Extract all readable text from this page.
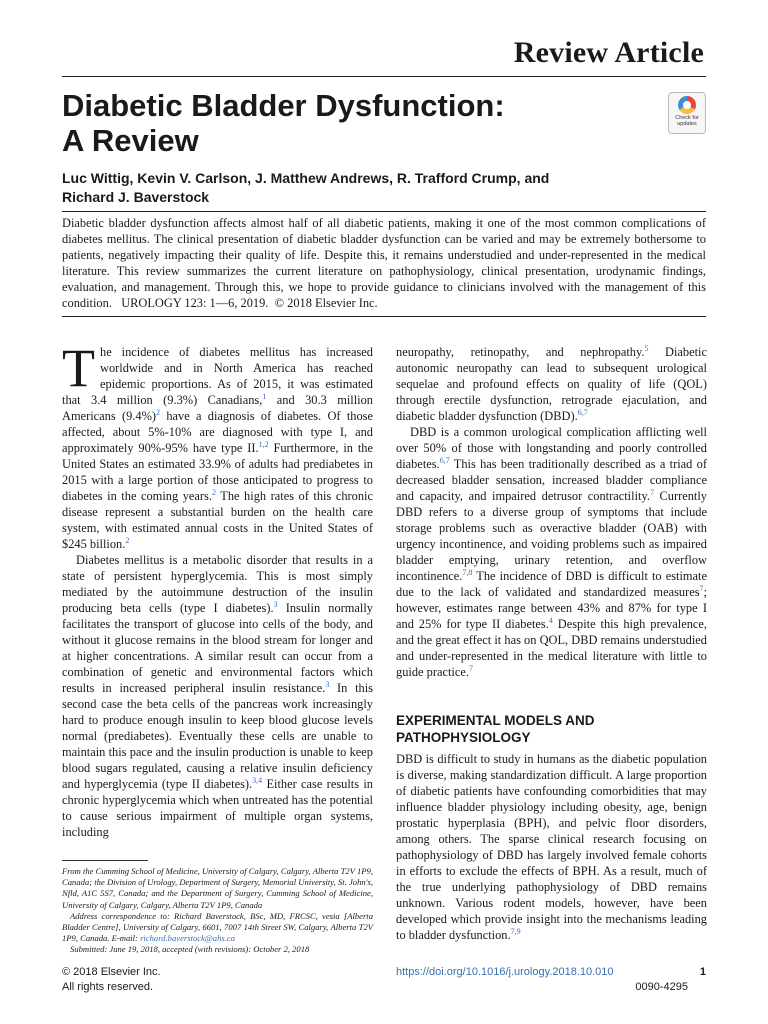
Review Article
Diabetic Bladder Dysfunction:
A Review
Check for
updates

Luc Wittig, Kevin V. Carlson, J. Matthew Andrews, R. Trafford Crump, and
Richard J. Baverstock

Diabetic bladder dysfunction affects almost half of all diabetic patients, making it one of the most common complications of diabetes mellitus. The clinical presentation of diabetic bladder dysfunction can be varied and may be extremely bothersome to patients, negatively impacting their quality of life. Despite this, it remains understudied and under-represented in the medical literature. This review summarizes the current literature on pathophysiology, clinical presentation, urodynamic findings, evaluation, and management. Through this, we hope to provide guidance to clinicians involved with the management of this condition. UROLOGY 123: 1—6, 2019. © 2018 Elsevier Inc.

The incidence of diabetes mellitus has increased worldwide and in North America has reached epidemic proportions. As of 2015, it was estimated that 3.4 million (9.3%) Canadians,$^1$ and 30.3 million Americans $(9.4\%)^2$ have a diagnosis of diabetes. Of those affected, about 5%-10% are diagnosed with type I, and approximately 90%-95% have type II.$^{1,2}$ Furthermore, in the United States an estimated 33.9% of adults had prediabetes in 2015 with a large portion of those anticipated to progress to diabetes in the coming years.$^2$ The high rates of this chronic disease represent a substantial burden on the health care system, with estimated annual costs in the United States of $245 billion.$^2$

Diabetes mellitus is a metabolic disorder that results in a state of persistent hyperglycemia. This is most simply mediated by the autoimmune destruction of the insulin producing beta cells (type I diabetes).$^3$ Insulin normally facilitates the transport of glucose into cells of the body, and without it glucose remains in the blood stream for longer and at higher concentrations. A similar result can occur from a combination of genetic and environmental factors which results in increased peripheral insulin resistance.$^3$ In this second case the beta cells of the pancreas work increasingly hard to produce enough insulin to keep blood glucose levels normal (prediabetes). Eventually these cells are unable to maintain this pace and the insulin production is unable to keep blood sugars regulated, causing a relative insulin deficiency and hyperglycemia (type II diabetes).$^{3,4}$ Either case results in chronic hyperglycemia which when untreated has the potential to cause serious impairment of multiple organ systems, including

neuropathy, retinopathy, and nephropathy.$^5$ Diabetic autonomic neuropathy can lead to subsequent urological sequelae and profound effects on quality of life (QOL) through erectile dysfunction, retrograde ejaculation, and diabetic bladder dysfunction (DBD).$^{6,7}$

DBD is a common urological complication afflicting well over 50% of those with longstanding and poorly controlled diabetes.$^{6,7}$ This has been traditionally described as a triad of decreased bladder sensation, increased bladder compliance and capacity, and impaired detrusor contractility.$^7$ Currently DBD refers to a diverse group of symptoms that include storage problems such as overactive bladder (OAB) with urgency incontinence, and voiding problems such as impaired bladder emptying, urinary retention, and overflow incontinence.$^{7,8}$ The incidence of DBD is difficult to estimate due to the lack of validated and standardized measures$^7$; however, estimates range between 43% and 87% for type I and 25% for type II diabetes.$^4$ Despite this high prevalence, and the great effect it has on QOL, DBD remains understudied and under-represented in the medical literature with little to guide practice.$^7$

EXPERIMENTAL MODELS AND
PATHOPHYSIOLOGY

DBD is difficult to study in humans as the diabetic population is diverse, making standardization difficult. A large proportion of diabetic patients have confounding comorbidities that may influence bladder physiology including obesity, age, benign prostatic hyperplasia (BPH), and pelvic floor disorders, among others. The sparse clinical research focusing on pathophysiology of DBD has largely involved female cohorts in efforts to exclude the effects of BPH. As a result, much of the true underlying pathophysiology of DBD remains unknown. Various rodent models, however, have been developed which provide insight into the mechanisms leading to bladder dysfunction.$^{7,9}$

From the Cumming School of Medicine, University of Calgary, Calgary, Alberta T2V 1P9, Canada; the Division of Urology, Department of Surgery, Memorial University, St. John's, Nfld, A1C 5S7, Canada; and the Department of Surgery, Cumming School of Medicine, University of Calgary, Calgary, Alberta T2V 1P9, Canada

Address correspondence to: Richard Baverstock, BSc, MD, FRCSC, vesia [Alberta Bladder Centre], University of Calgary, 6601, 7007 14th Street SW, Calgary, Alberta T2V 1P9, Canada. E-mail: richard.baverstock@ahs.ca

Submitted: June 19, 2018, accepted (with revisions): October 2, 2018

© 2018 Elsevier Inc.
All rights reserved.
https://doi.org/10.1016/j.urology.2018.10.010	1
0090-4295
